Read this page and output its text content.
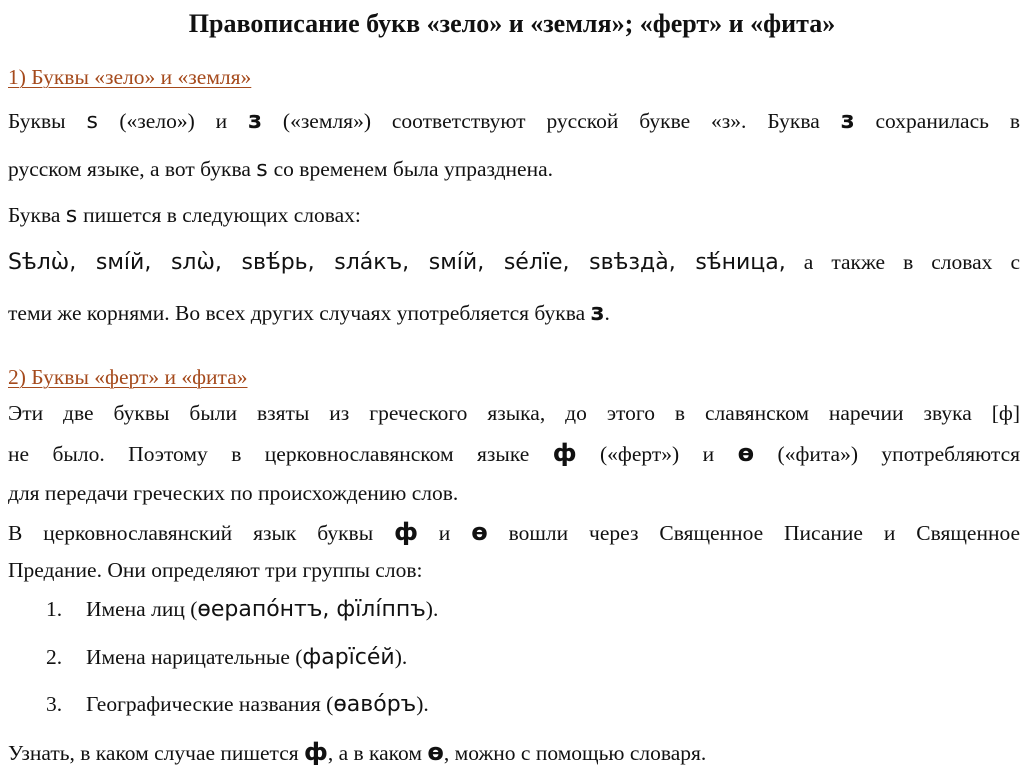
Правописание букв «зело» и «земля»; «ферт» и «фита»
1) Буквы «зело» и «земля»
Буквы ѕ («зело») и з («земля») соответствуют русской букве «з». Буква з сохранилась в
русском языке, а вот буква ѕ со временем была упразднена.
Буква ѕ пишется в следующих словах:
Ѕѣлѡ̀, ѕмі́й, ѕлѡ̀, ѕвѣ́рь, ѕла́къ, ѕмі́й, ѕе́лїе, ѕвѣзда̀, ѕѣ́ница, а также в словах с
теми же корнями. Во всех других случаях употребляется буква з.
2) Буквы «ферт» и «фита»
Эти две буквы были взяты из греческого языка, до этого в славянском наречии звука [ф]
не было. Поэтому в церковнославянском языке ф («ферт») и ѳ («фита») употребляются
для передачи греческих по происхождению слов.
В церковнославянский язык буквы ф и ѳ вошли через Священное Писание и Священное
Предание. Они определяют три группы слов:
1. Имена лиц (ѳерапо́нтъ, фїлі́ппъ).
2. Имена нарицательные (фарїсе́й).
3. Географические названия (ѳаво́ръ).
Узнать, в каком случае пишется ф, а в каком ѳ, можно с помощью словаря.
